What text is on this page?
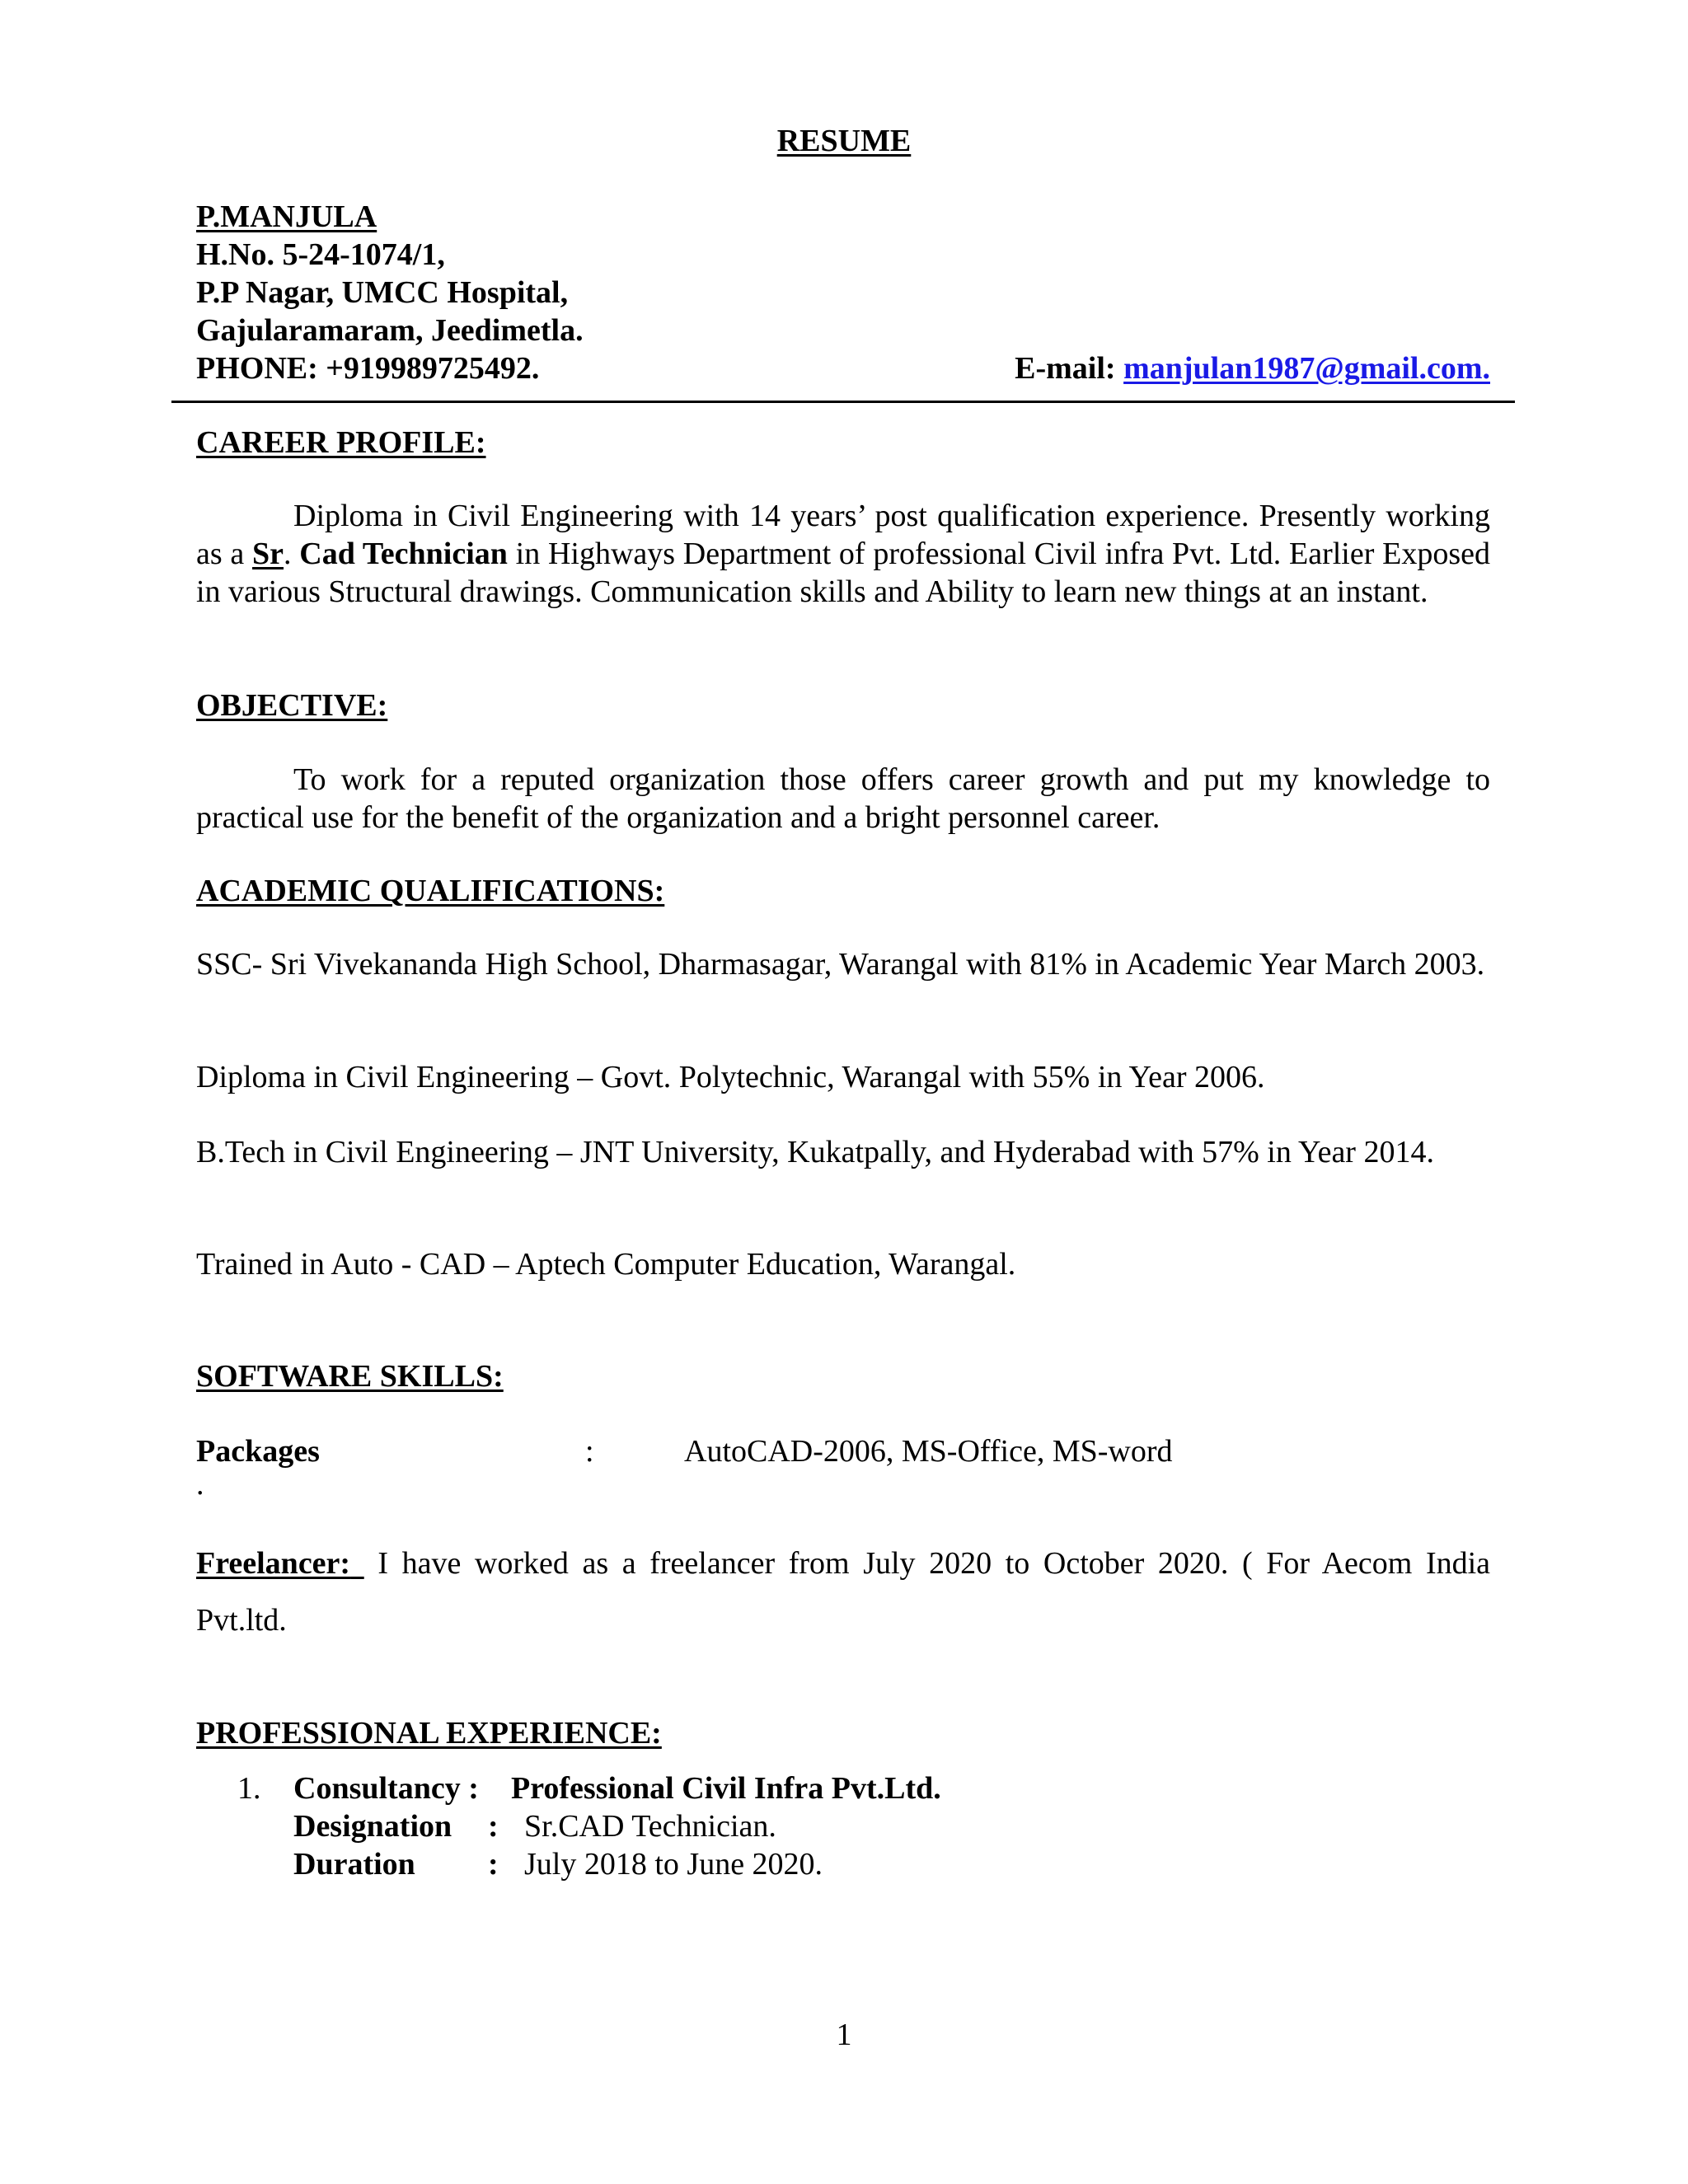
RESUME
P.MANJULA
H.No. 5-24-1074/1,
P.P Nagar, UMCC Hospital,
Gajularamaram, Jeedimetla.
PHONE: +919989725492.	E-mail: manjulan1987@gmail.com.
CAREER PROFILE:
Diploma in Civil Engineering with 14 years’ post qualification experience. Presently working as a Sr. Cad Technician in Highways Department of professional Civil infra Pvt. Ltd. Earlier Exposed in various Structural drawings. Communication skills and Ability to learn new things at an instant.
OBJECTIVE:
To work for a reputed organization those offers career growth and put my knowledge to practical use for the benefit of the organization and a bright personnel career.
ACADEMIC QUALIFICATIONS:
SSC- Sri Vivekananda High School, Dharmasagar, Warangal with 81% in Academic Year March 2003.
Diploma in Civil Engineering – Govt. Polytechnic, Warangal with 55% in Year 2006.
B.Tech in Civil Engineering – JNT University, Kukatpally, and Hyderabad with 57% in Year 2014.
Trained in Auto - CAD – Aptech Computer Education, Warangal.
SOFTWARE SKILLS:
Packages	:	AutoCAD-2006, MS-Office, MS-word
.
Freelancer: I have worked as a freelancer from July 2020 to October 2020. ( For Aecom India
Pvt.ltd.
PROFESSIONAL EXPERIENCE:
1. Consultancy : Professional Civil Infra Pvt.Ltd.
Designation : Sr.CAD Technician.
Duration : July 2018 to June 2020.
1
